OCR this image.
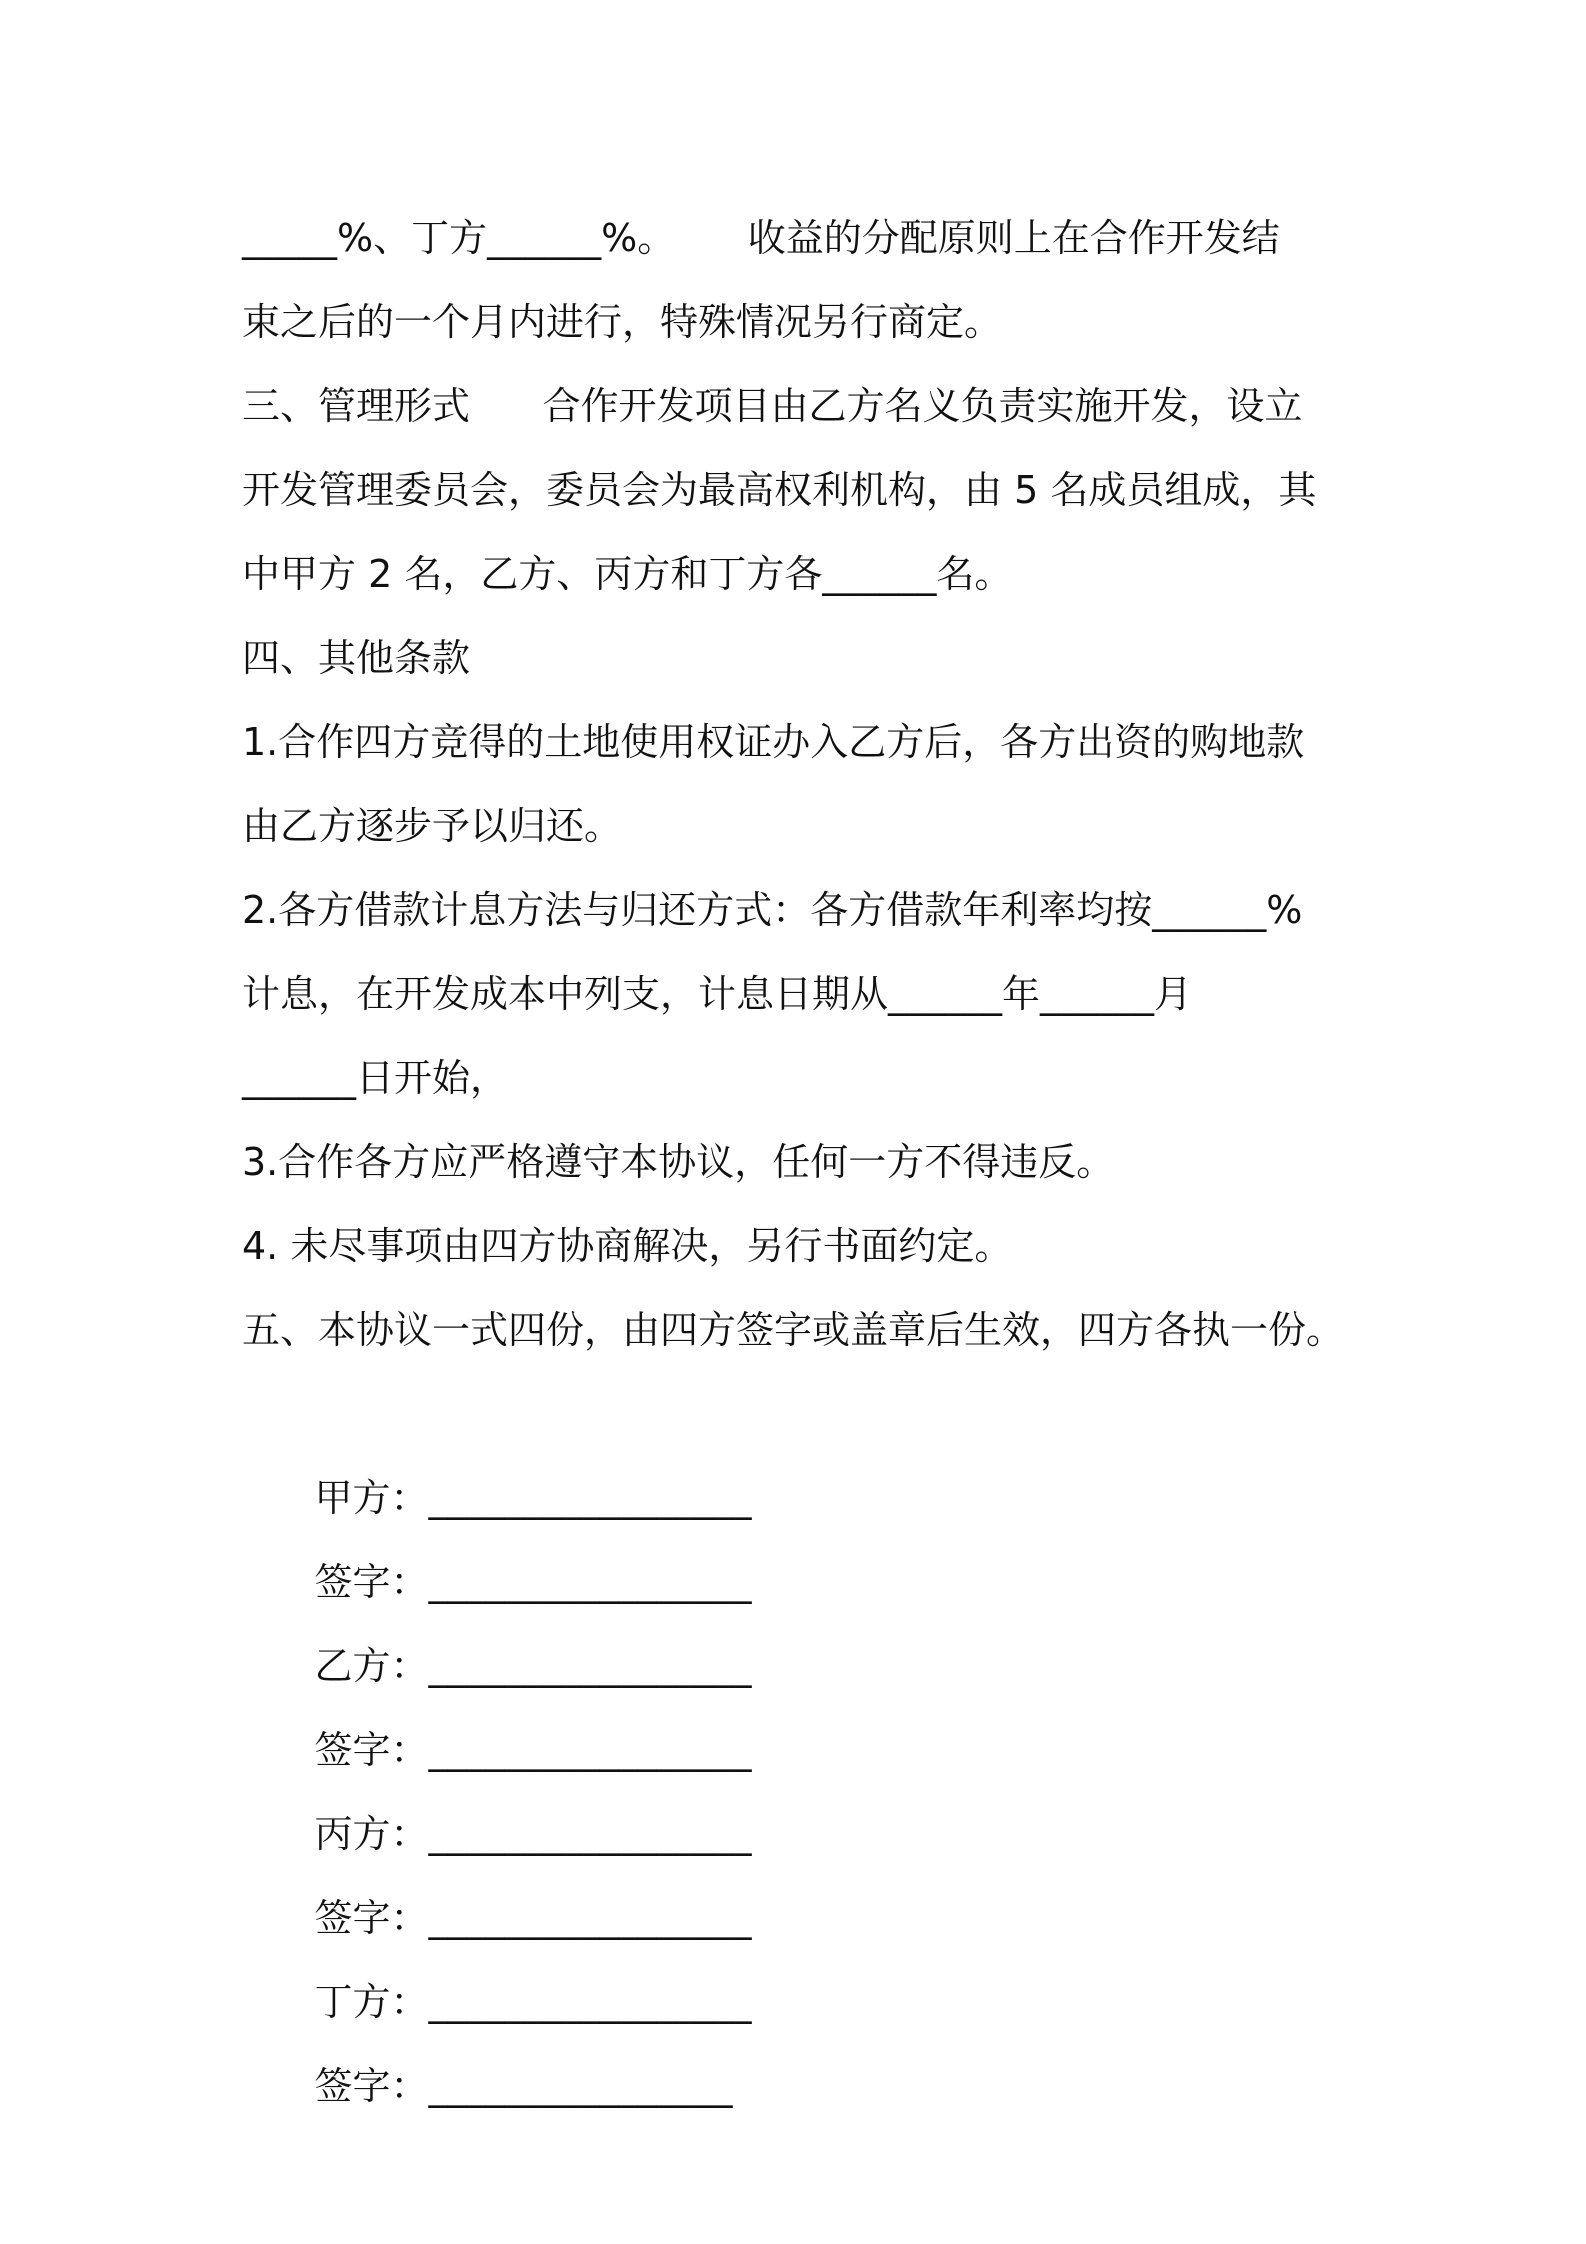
_____%、丁方______%。      收益的分配原则上在合作开发结

束之后的一个月内进行，特殊情况另行商定。

三、管理形式      合作开发项目由乙方名义负责实施开发，设立

开发管理委员会，委员会为最高权利机构，由 5 名成员组成，其

中甲方 2 名，乙方、丙方和丁方各______名。

四、其他条款

1.合作四方竞得的土地使用权证办入乙方后，各方出资的购地款

由乙方逐步予以归还。

2.各方借款计息方法与归还方式：各方借款年利率均按______%

计息，在开发成本中列支，计息日期从______年______月

______日开始，

3.合作各方应严格遵守本协议，任何一方不得违反。

4. 未尽事项由四方协商解决，另行书面约定。

五、本协议一式四份，由四方签字或盖章后生效，四方各执一份。

甲方：_________________

签字：_________________

乙方：_________________

签字：_________________

丙方：_________________

签字：_________________

丁方：_________________

签字：________________
